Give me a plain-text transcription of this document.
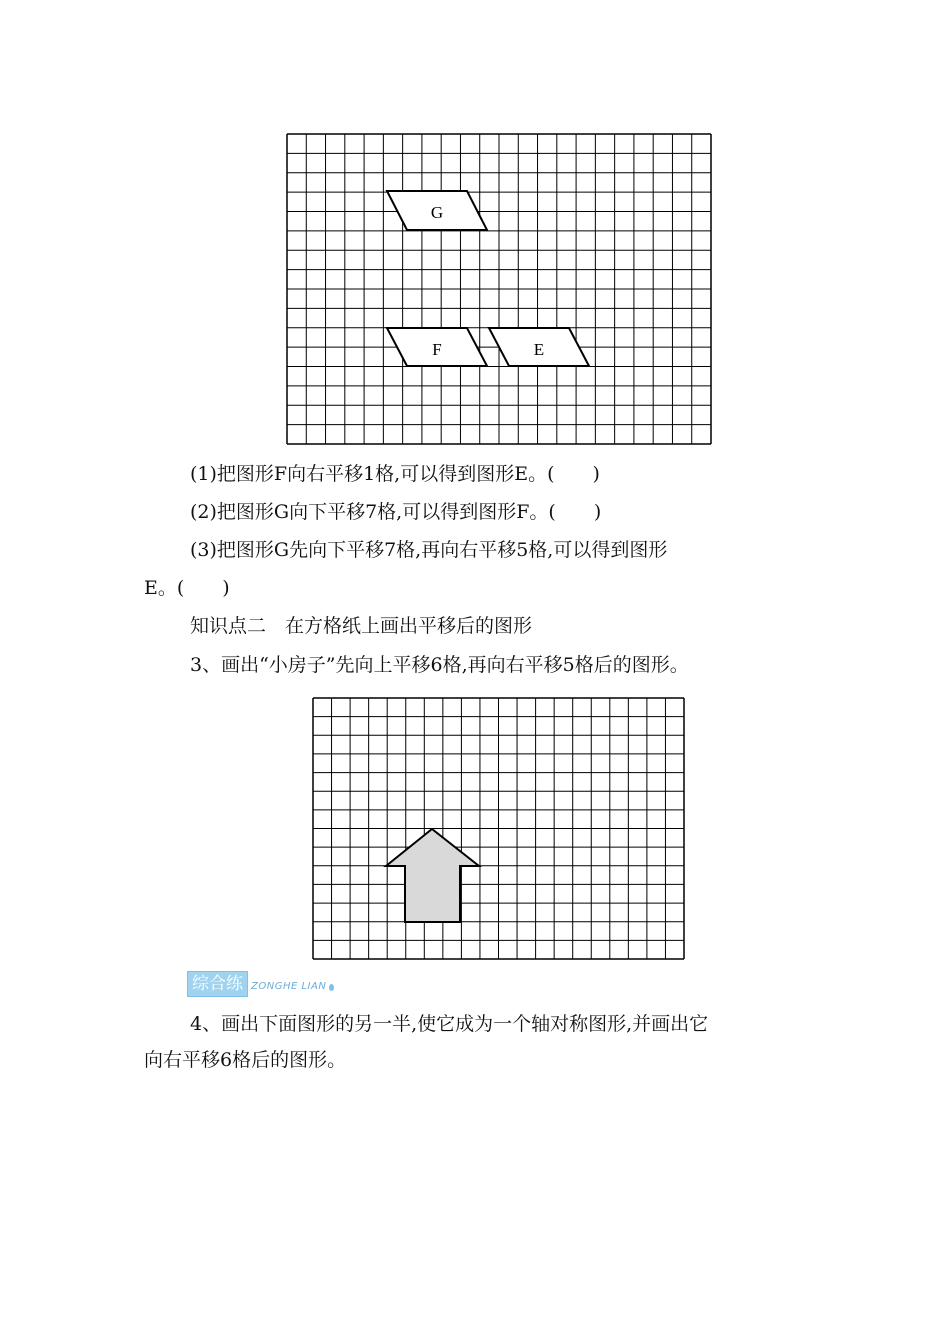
G
F	E
(1)把图形F向右平移1格,可以得到图形E。(　　)
(2)把图形G向下平移7格,可以得到图形F。(　　)
(3)把图形G先向下平移7格,再向右平移5格,可以得到图形
E。(　　)
知识点二　在方格纸上画出平移后的图形
3、画出“小房子”先向上平移6格,再向右平移5格后的图形。
综合练 ZONGHE LIAN
4、画出下面图形的另一半,使它成为一个轴对称图形,并画出它
向右平移6格后的图形。
